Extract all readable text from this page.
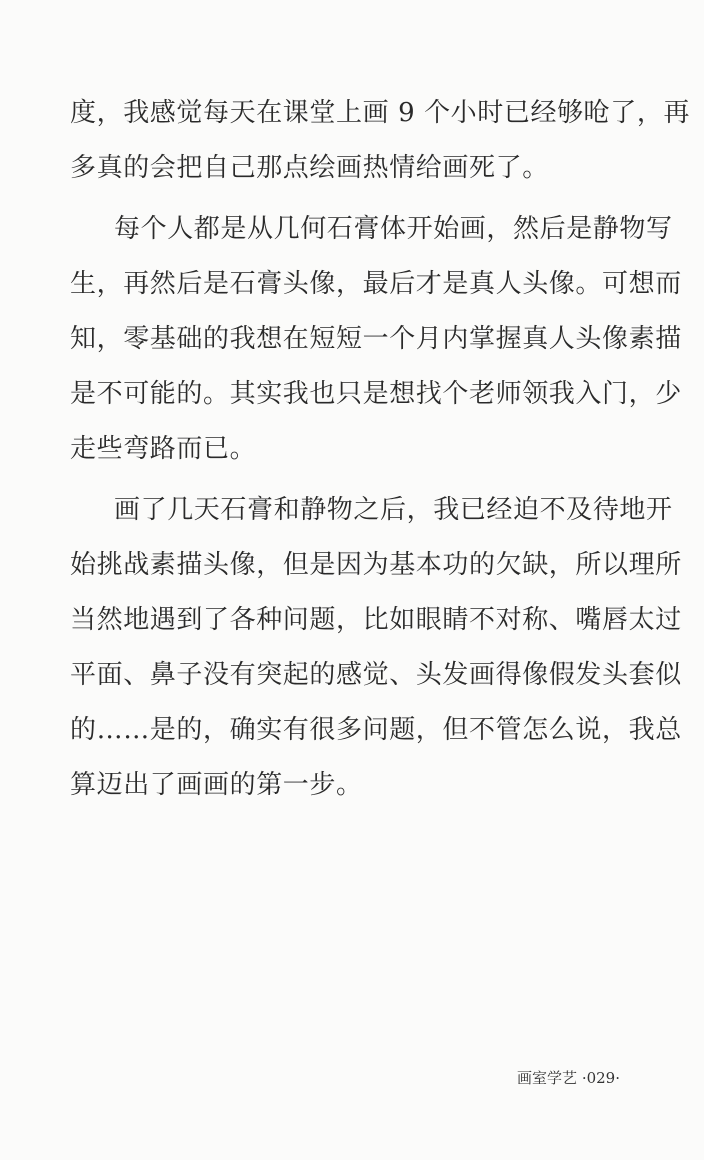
度，我感觉每天在课堂上画 9 个小时已经够呛了，再
多真的会把自己那点绘画热情给画死了。
每个人都是从几何石膏体开始画，然后是静物写
生，再然后是石膏头像，最后才是真人头像。可想而
知，零基础的我想在短短一个月内掌握真人头像素描
是不可能的。其实我也只是想找个老师领我入门，少
走些弯路而已。
画了几天石膏和静物之后，我已经迫不及待地开
始挑战素描头像，但是因为基本功的欠缺，所以理所
当然地遇到了各种问题，比如眼睛不对称、嘴唇太过
平面、鼻子没有突起的感觉、头发画得像假发头套似
的……是的，确实有很多问题，但不管怎么说，我总
算迈出了画画的第一步。
画室学艺 ·029·
